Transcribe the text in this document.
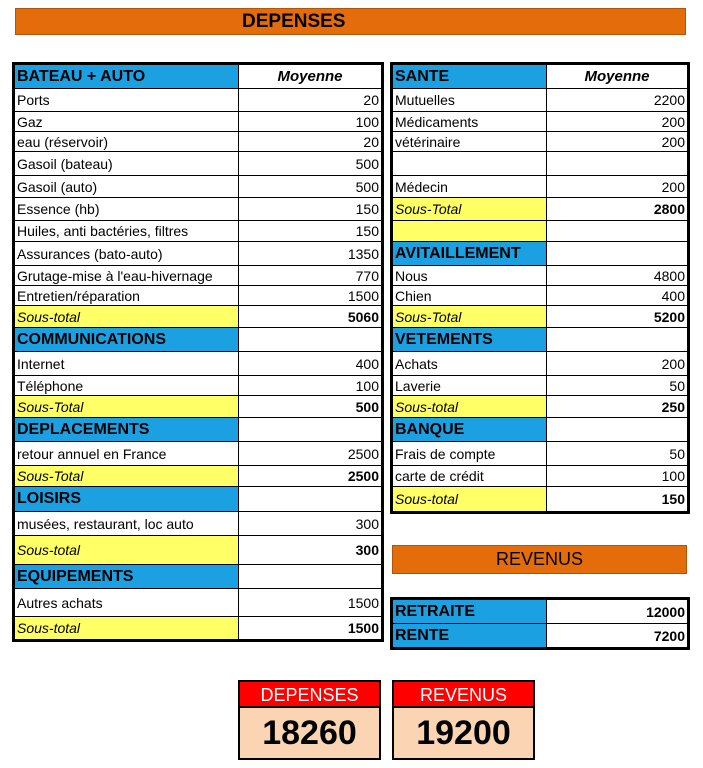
DEPENSES
BATEAU + AUTO	Moyenne
Ports	20
Gaz	100
eau (réservoir)	20
Gasoil (bateau)	500
Gasoil (auto)	500
Essence (hb)	150
Huiles, anti bactéries, filtres	150
Assurances (bato-auto)	1350
Grutage-mise à l'eau-hivernage	770
Entretien/réparation	1500
Sous-total	5060
COMMUNICATIONS	
Internet	400
Téléphone	100
Sous-Total	500
DEPLACEMENTS	
retour annuel en France	2500
Sous-Total	2500
LOISIRS	
musées, restaurant, loc auto	300
Sous-total	300
EQUIPEMENTS	
Autres achats	1500
Sous-total	1500
SANTE	Moyenne
Mutuelles	2200
Médicaments	200
vétérinaire	200

Médecin	200
Sous-Total	2800

AVITAILLEMENT	
Nous	4800
Chien	400
Sous-Total	5200
VETEMENTS	
Achats	200
Laverie	50
Sous-total	250
BANQUE	
Frais de compte	50
carte de crédit	100
Sous-total	150
REVENUS
RETRAITE	12000
RENTE	7200
DEPENSES
18260
REVENUS
19200
